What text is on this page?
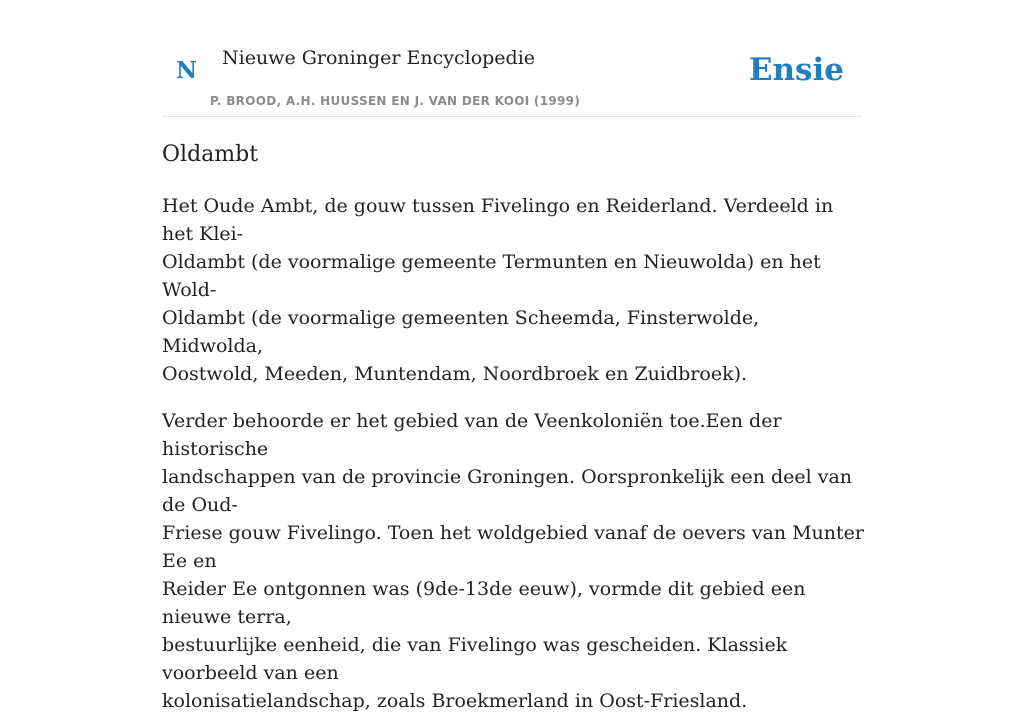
N Nieuwe Groninger Encyclopedie
P. BROOD, A.H. HUUSSEN EN J. VAN DER KOOI (1999)
Ensie
Oldambt

Het Oude Ambt, de gouw tussen Fivelingo en Reiderland. Verdeeld in het Klei-
Oldambt (de voormalige gemeente Termunten en Nieuwolda) en het Wold-
Oldambt (de voormalige gemeenten Scheemda, Finsterwolde, Midwolda,
Oostwold, Meeden, Muntendam, Noordbroek en Zuidbroek).

Verder behoorde er het gebied van de Veenkoloniën toe.Een der historische
landschappen van de provincie Groningen. Oorspronkelijk een deel van de Oud-
Friese gouw Fivelingo. Toen het woldgebied vanaf de oevers van Munter Ee en
Reider Ee ontgonnen was (9de-13de eeuw), vormde dit gebied een nieuwe terra,
bestuurlijke eenheid, die van Fivelingo was gescheiden. Klassiek voorbeeld van een
kolonisatielandschap, zoals Broekmerland in Oost-Friesland.
